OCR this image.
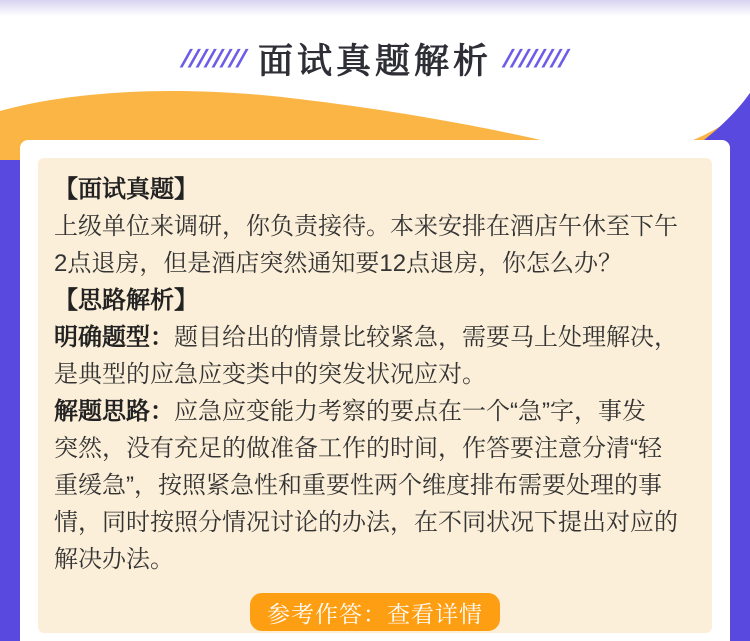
//////// 面试真题解析 ////////
【面试真题】
上级单位来调研，你负责接待。本来安排在酒店午休至下午
2点退房，但是酒店突然通知要12点退房，你怎么办？
【思路解析】
明确题型：题目给出的情景比较紧急，需要马上处理解决，
是典型的应急应变类中的突发状况应对。
解题思路：应急应变能力考察的要点在一个“急”字，事发
突然，没有充足的做准备工作的时间，作答要注意分清“轻
重缓急”，按照紧急性和重要性两个维度排布需要处理的事
情，同时按照分情况讨论的办法，在不同状况下提出对应的
解决办法。
参考作答：查看详情
